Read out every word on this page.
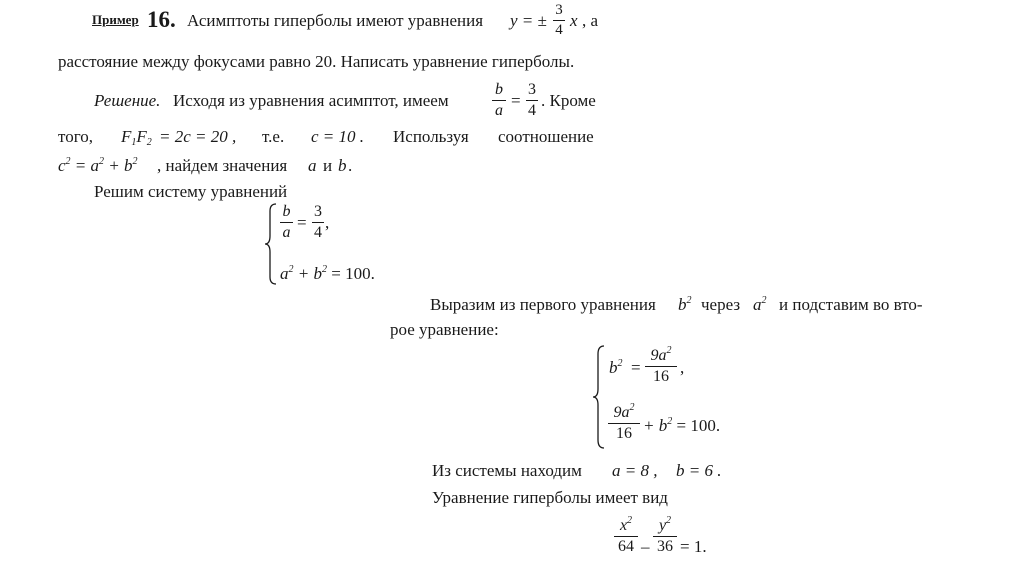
Пример 16. Асимптоты гиперболы имеют уравнения y = ±
3
4 x , а
расстояние между фокусами равно 20. Написать уравнение гиперболы.
Решение. Исходя из уравнения асимптот, имеем
b
a
=
3
4
. Кроме
того, $F_1F_2 = 2c = 20$ , т.е. c = 10 . Используя соотношение
$c^2 = a^2 + b^2$ , найдем значения a и b .
Решим систему уравнений
b
a
=
3
4
,
$a^2 + b^2 = 100$.
Выразим из первого уравнения $b^2$ через $a^2$ и подставим во вто-
рое уравнение:
$b^2$ =
$9a^2$
16 ,
$9a^2$
$16 + b^2 = 100$.
Из системы находим a = 8 , b = 6 .
Уравнение гиперболы имеет вид
$x^2$
64 –
$y^2$
36 = 1.
